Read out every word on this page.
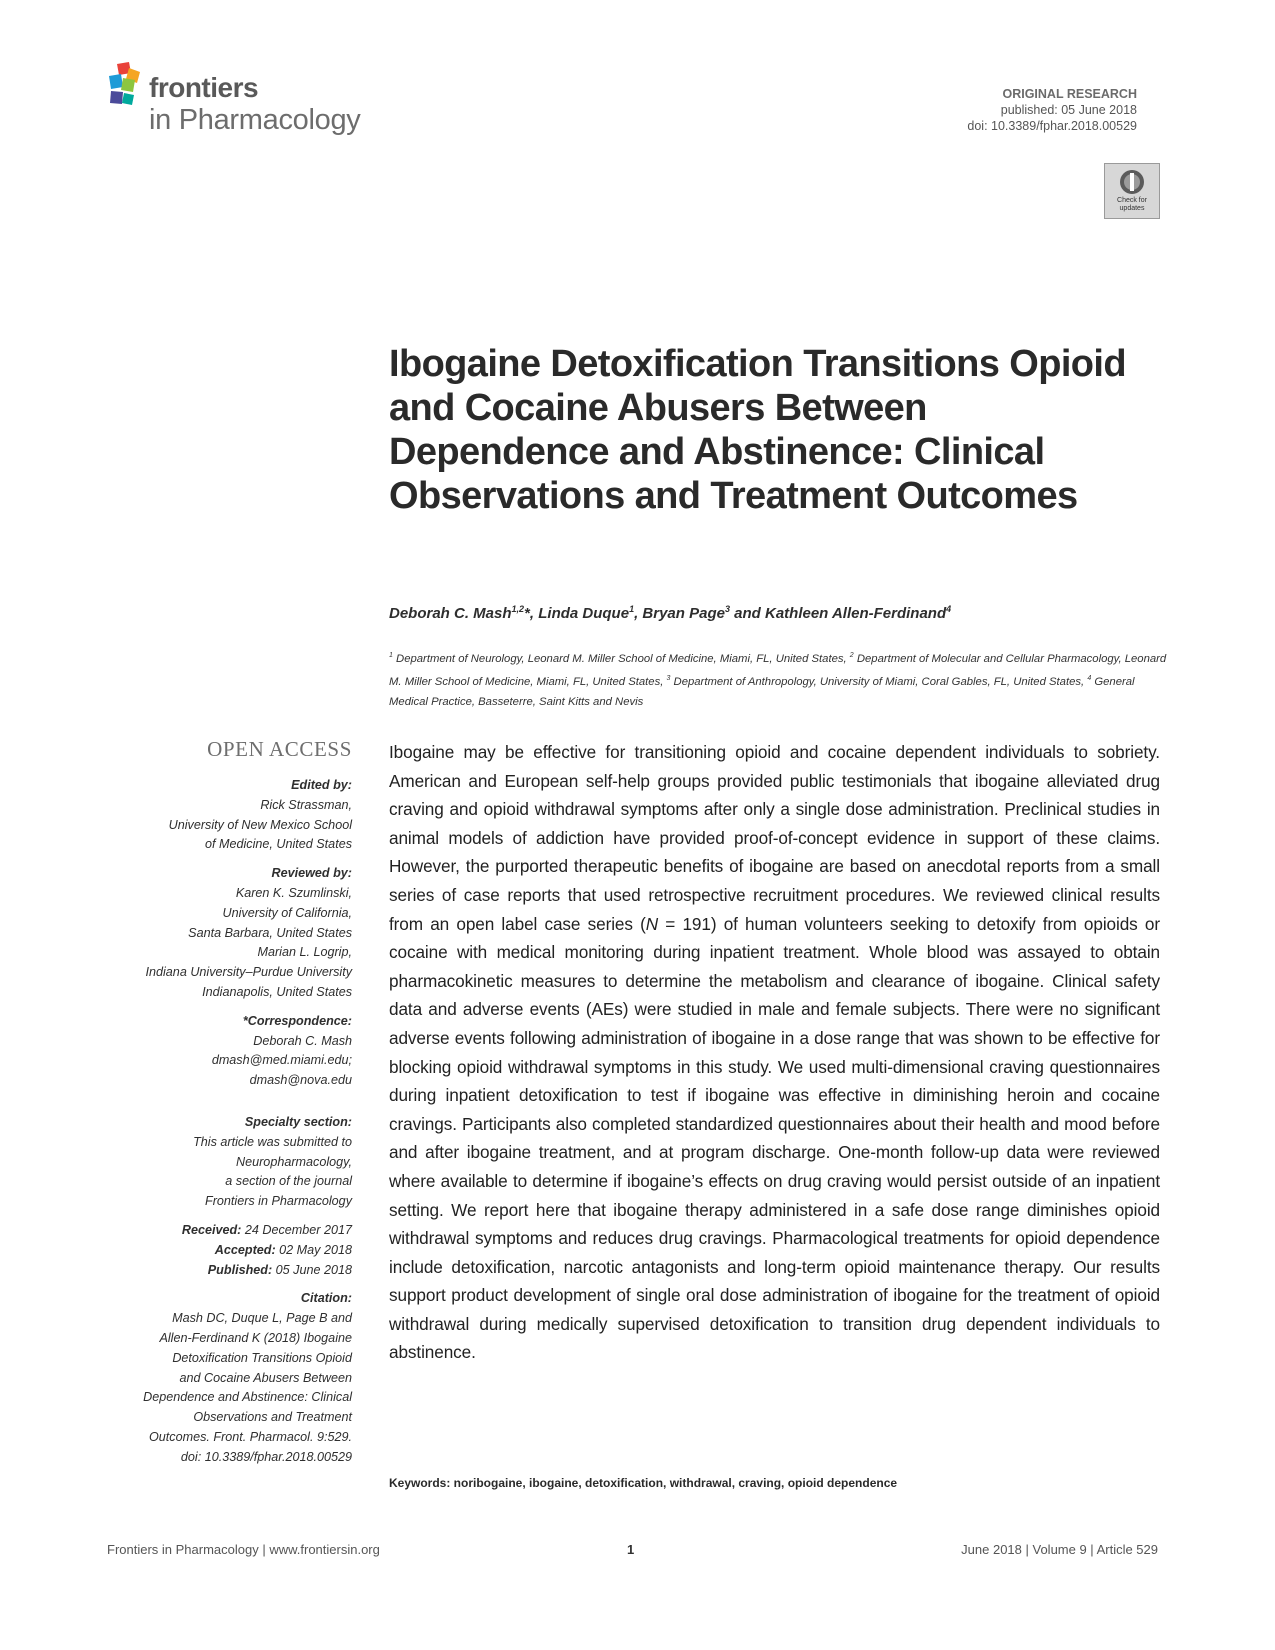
frontiers
in Pharmacology
ORIGINAL RESEARCH
published: 05 June 2018
doi: 10.3389/fphar.2018.00529
Check for updates
Ibogaine Detoxification Transitions Opioid and Cocaine Abusers Between Dependence and Abstinence: Clinical Observations and Treatment Outcomes
Deborah C. Mash$^{1,2}$*, Linda Duque$^1$, Bryan Page$^3$ and Kathleen Allen-Ferdinand$^4$
$^1$ Department of Neurology, Leonard M. Miller School of Medicine, Miami, FL, United States, $^2$ Department of Molecular and Cellular Pharmacology, Leonard M. Miller School of Medicine, Miami, FL, United States, $^3$ Department of Anthropology, University of Miami, Coral Gables, FL, United States, $^4$ General Medical Practice, Basseterre, Saint Kitts and Nevis
OPEN ACCESS
Edited by:
Rick Strassman,
University of New Mexico School
of Medicine, United States
Reviewed by:
Karen K. Szumlinski,
University of California,
Santa Barbara, United States
Marian L. Logrip,
Indiana University–Purdue University
Indianapolis, United States
*Correspondence:
Deborah C. Mash
dmash@med.miami.edu;
dmash@nova.edu
Specialty section:
This article was submitted to
Neuropharmacology,
a section of the journal
Frontiers in Pharmacology
Received: 24 December 2017
Accepted: 02 May 2018
Published: 05 June 2018
Citation:
Mash DC, Duque L, Page B and
Allen-Ferdinand K (2018) Ibogaine
Detoxification Transitions Opioid
and Cocaine Abusers Between
Dependence and Abstinence: Clinical
Observations and Treatment
Outcomes. Front. Pharmacol. 9:529.
doi: 10.3389/fphar.2018.00529

Ibogaine may be effective for transitioning opioid and cocaine dependent individuals to sobriety. American and European self-help groups provided public testimonials that ibogaine alleviated drug craving and opioid withdrawal symptoms after only a single dose administration. Preclinical studies in animal models of addiction have provided proof-of-concept evidence in support of these claims. However, the purported therapeutic benefits of ibogaine are based on anecdotal reports from a small series of case reports that used retrospective recruitment procedures. We reviewed clinical results from an open label case series (N = 191) of human volunteers seeking to detoxify from opioids or cocaine with medical monitoring during inpatient treatment. Whole blood was assayed to obtain pharmacokinetic measures to determine the metabolism and clearance of ibogaine. Clinical safety data and adverse events (AEs) were studied in male and female subjects. There were no significant adverse events following administration of ibogaine in a dose range that was shown to be effective for blocking opioid withdrawal symptoms in this study. We used multi-dimensional craving questionnaires during inpatient detoxification to test if ibogaine was effective in diminishing heroin and cocaine cravings. Participants also completed standardized questionnaires about their health and mood before and after ibogaine treatment, and at program discharge. One-month follow-up data were reviewed where available to determine if ibogaine’s effects on drug craving would persist outside of an inpatient setting. We report here that ibogaine therapy administered in a safe dose range diminishes opioid withdrawal symptoms and reduces drug cravings. Pharmacological treatments for opioid dependence include detoxification, narcotic antagonists and long-term opioid maintenance therapy. Our results support product development of single oral dose administration of ibogaine for the treatment of opioid withdrawal during medically supervised detoxification to transition drug dependent individuals to abstinence.

Keywords: noribogaine, ibogaine, detoxification, withdrawal, craving, opioid dependence
Frontiers in Pharmacology | www.frontiersin.org	1	June 2018 | Volume 9 | Article 529
